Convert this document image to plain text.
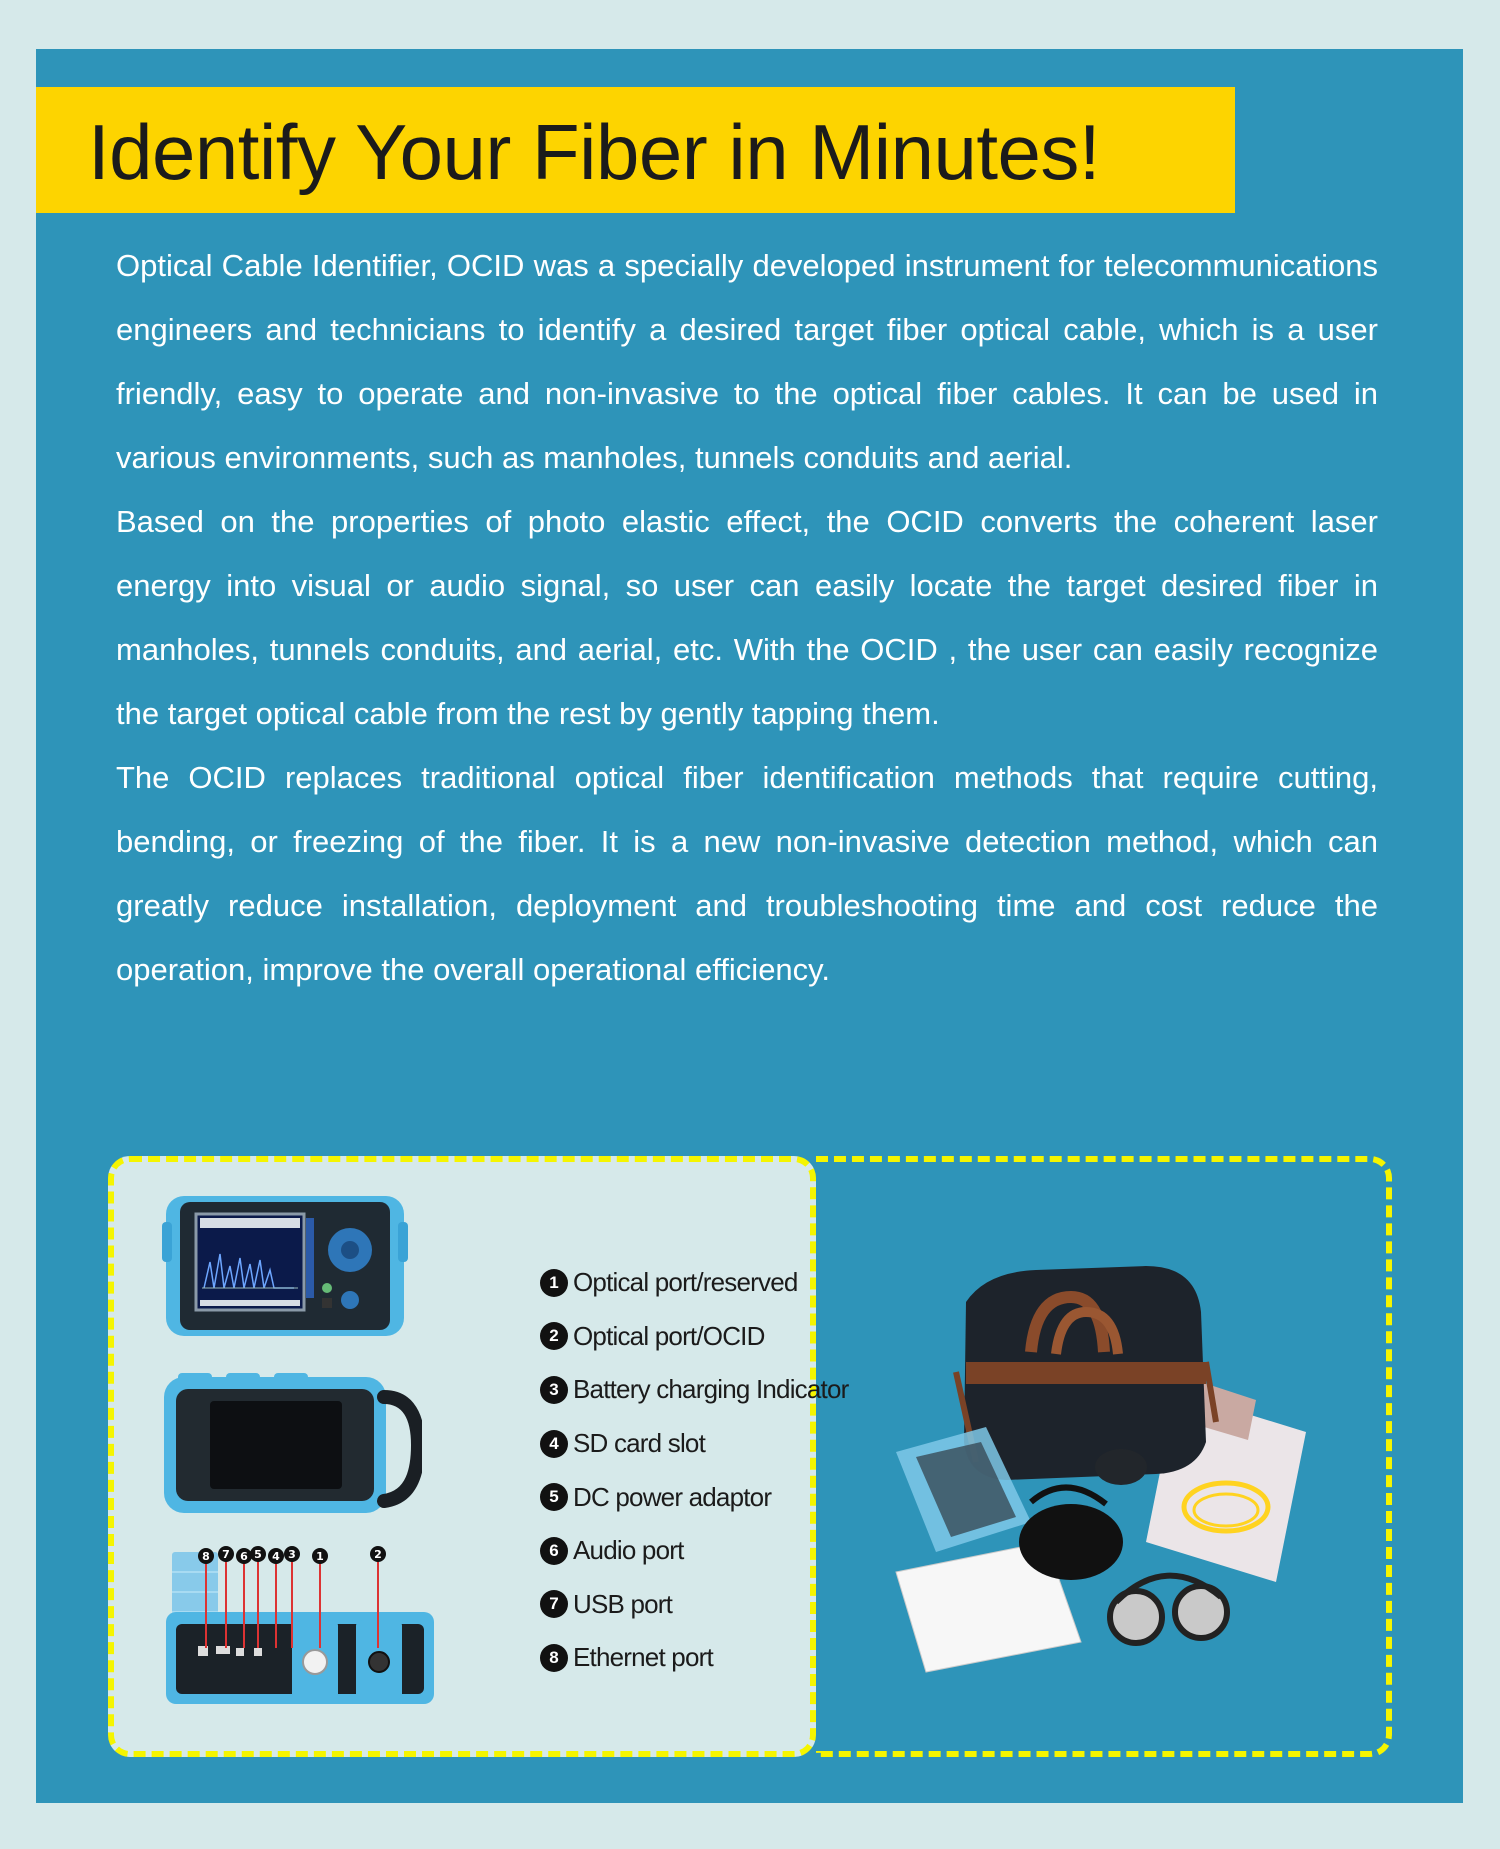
Identify Your Fiber in Minutes!

Optical Cable Identifier, OCID was a specially developed instrument for telecommunications engineers and technicians to identify a desired target fiber optical cable, which is a user friendly, easy to operate and non-invasive to the optical fiber cables. It can be used in various environments, such as manholes, tunnels conduits and aerial.

Based on the properties of photo elastic effect, the OCID converts the coherent laser energy into visual or audio signal, so user can easily locate the target desired fiber in manholes, tunnels conduits, and aerial, etc. With the OCID , the user can easily recognize the target optical cable from the rest by gently tapping them.

The OCID replaces traditional optical fiber identification methods that require cutting, bending, or freezing of the fiber. It is a new non-invasive detection method, which can greatly reduce installation, deployment and troubleshooting time and cost reduce the operation, improve the overall operational efficiency.

8 7 6 5 4 3 1	2
1 Optical port/reserved
2 Optical port/OCID
3 Battery charging Indicator
4 SD card slot
5 DC power adaptor
6 Audio port
7 USB port
8 Ethernet port
